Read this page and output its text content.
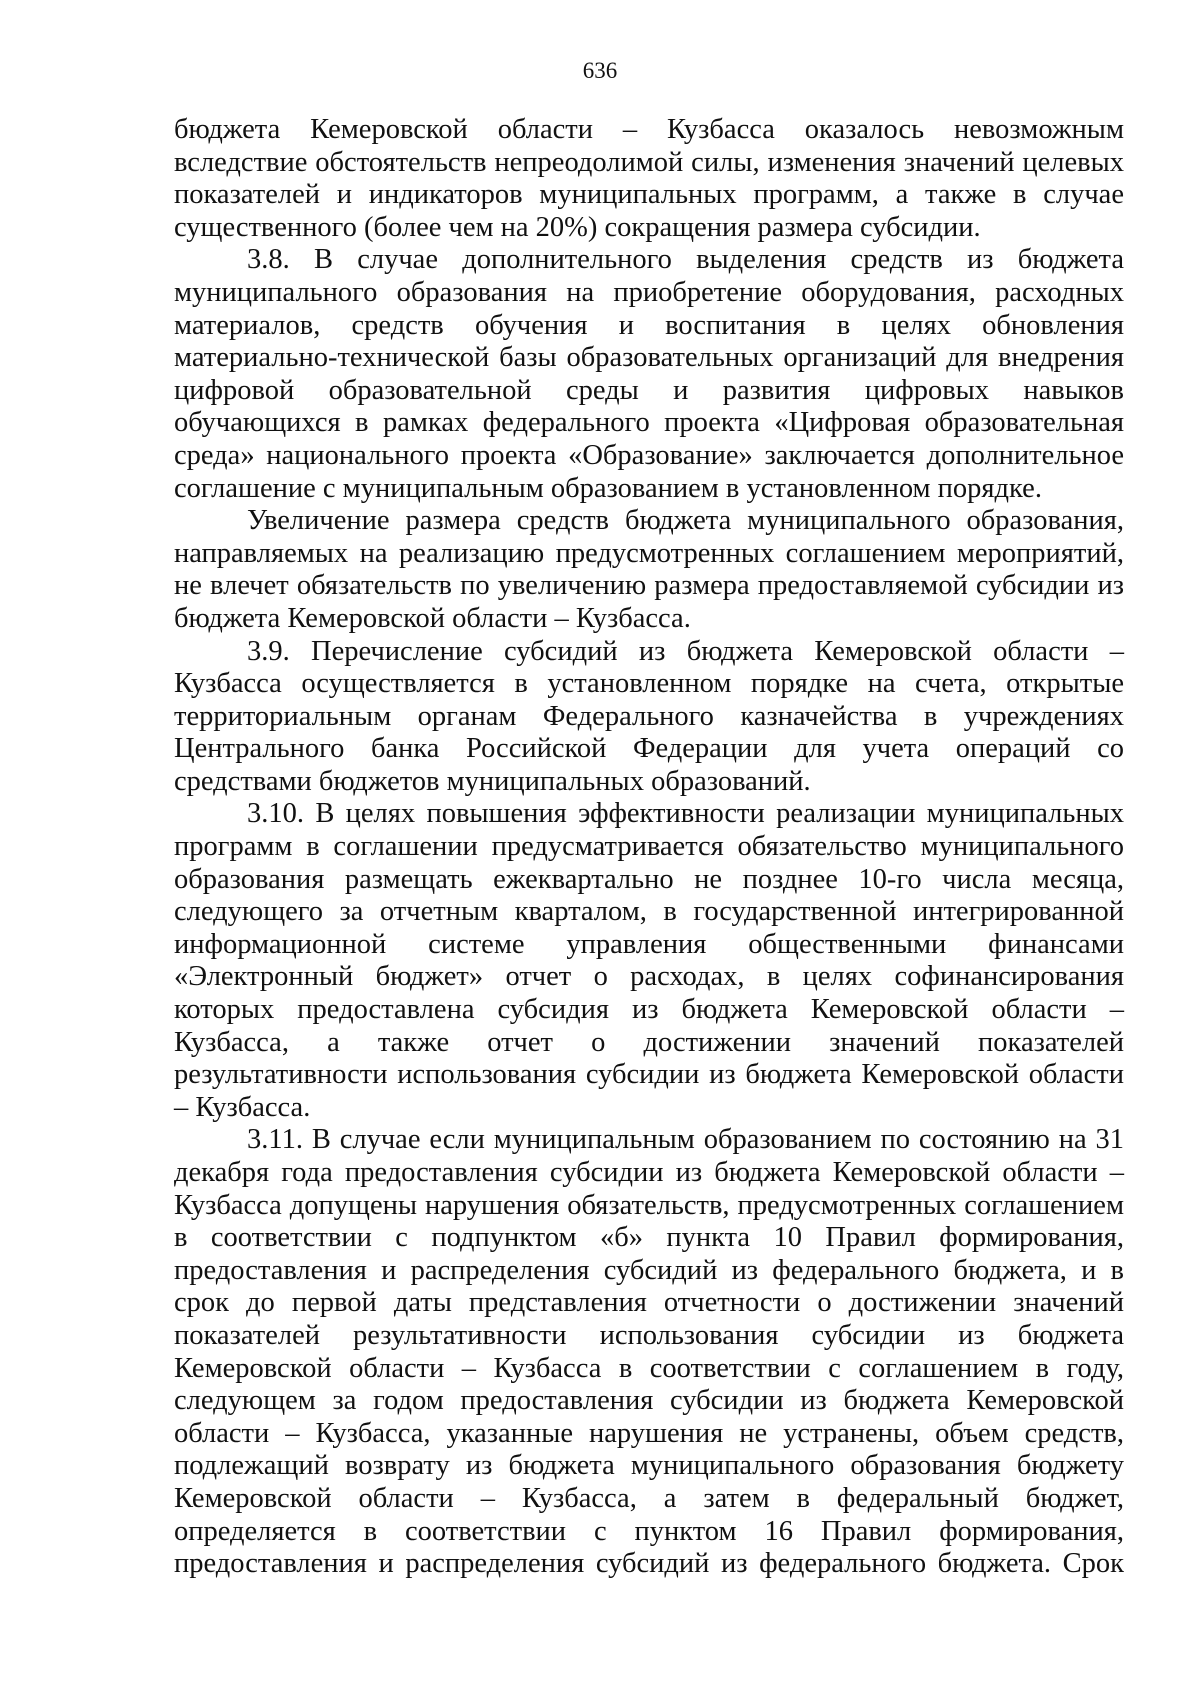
636

бюджета Кемеровской области – Кузбасса оказалось невозможным вследствие обстоятельств непреодолимой силы, изменения значений целевых показателей и индикаторов муниципальных программ, а также в случае существенного (более чем на 20%) сокращения размера субсидии.

3.8. В случае дополнительного выделения средств из бюджета муниципального образования на приобретение оборудования, расходных материалов, средств обучения и воспитания в целях обновления материально-технической базы образовательных организаций для внедрения цифровой образовательной среды и развития цифровых навыков обучающихся в рамках федерального проекта «Цифровая образовательная среда» национального проекта «Образование» заключается дополнительное соглашение с муниципальным образованием в установленном порядке.

Увеличение размера средств бюджета муниципального образования, направляемых на реализацию предусмотренных соглашением мероприятий, не влечет обязательств по увеличению размера предоставляемой субсидии из бюджета Кемеровской области – Кузбасса.

3.9. Перечисление субсидий из бюджета Кемеровской области – Кузбасса осуществляется в установленном порядке на счета, открытые территориальным органам Федерального казначейства в учреждениях Центрального банка Российской Федерации для учета операций со средствами бюджетов муниципальных образований.

3.10. В целях повышения эффективности реализации муниципальных программ в соглашении предусматривается обязательство муниципального образования размещать ежеквартально не позднее 10-го числа месяца, следующего за отчетным кварталом, в государственной интегрированной информационной системе управления общественными финансами «Электронный бюджет» отчет о расходах, в целях софинансирования которых предоставлена субсидия из бюджета Кемеровской области – Кузбасса, а также отчет о достижении значений показателей результативности использования субсидии из бюджета Кемеровской области – Кузбасса.

3.11. В случае если муниципальным образованием по состоянию на 31 декабря года предоставления субсидии из бюджета Кемеровской области – Кузбасса допущены нарушения обязательств, предусмотренных соглашением в соответствии с подпунктом «б» пункта 10 Правил формирования, предоставления и распределения субсидий из федерального бюджета, и в срок до первой даты представления отчетности о достижении значений показателей результативности использования субсидии из бюджета Кемеровской области – Кузбасса в соответствии с соглашением в году, следующем за годом предоставления субсидии из бюджета Кемеровской области – Кузбасса, указанные нарушения не устранены, объем средств, подлежащий возврату из бюджета муниципального образования бюджету Кемеровской области – Кузбасса, а затем в федеральный бюджет, определяется в соответствии с пунктом 16 Правил формирования, предоставления и распределения субсидий из федерального бюджета. Срок
